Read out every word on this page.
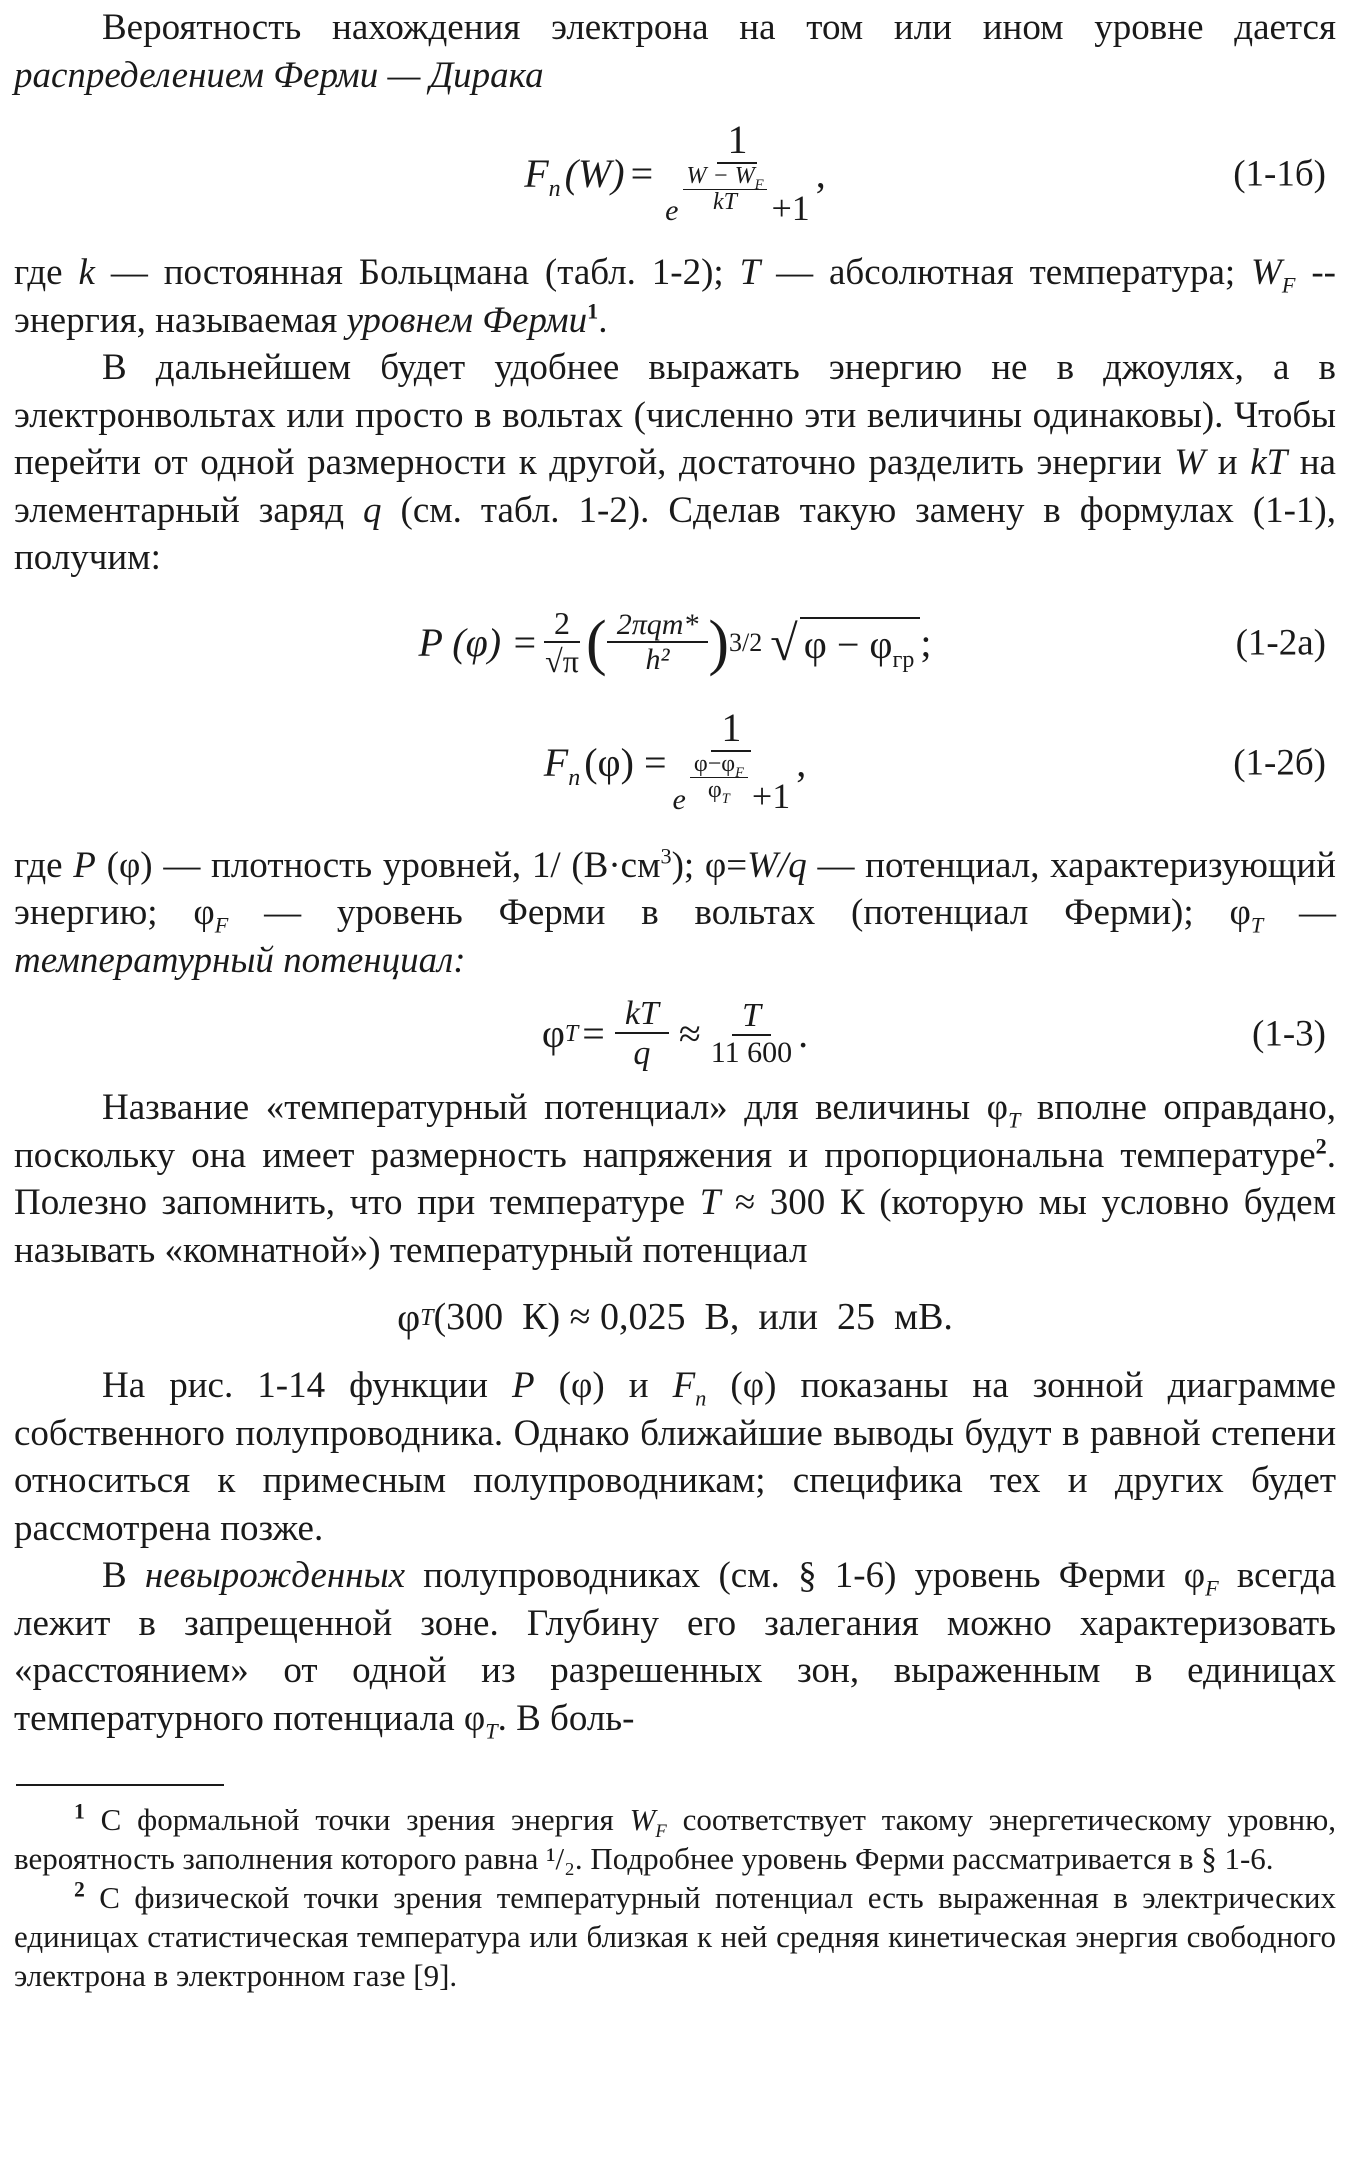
Вероятность нахождения электрона на том или ином уровне дается распределением Ферми — Дирака

$F_n$ (W) =
1
e $\frac{W - W_F}{kT} +1$
,	(1-1б)

где k — постоянная Больцмана (табл. 1-2); T — абсолютная температура; $W_F$ -- энергия, называемая уровнем Ферми$^1$.

В дальнейшем будет удобнее выражать энергию не в джоулях, а в электронвольтах или просто в вольтах (численно эти величины одинаковы). Чтобы перейти от одной размерности к другой, достаточно разделить энергии W и kT на элементарный заряд q (см. табл. 1-2). Сделав такую замену в формулах (1-1), получим:

P $(\varphi) = \frac{2}{√\pi}$ ( $\frac{\text{2πqm*}}{\text{h²}}$ ) 3/2 √ $\varphi - \varphi_{гр}$ ;	(1-2а)
$F_n$ (φ) =
1
e $\frac{\varphi-\varphi_F}{\varphi_T} +1$
,	(1-2б)

где P (φ) — плотность уровней, 1/ $(В\cdot см^3)$; φ=W/q — потенциал, характеризующий энергию; $\varphi_F$ — уровень Ферми в вольтах (потенциал Ферми); $\varphi_T$ — температурный потенциал:

φ $T = \frac{kT}{q} \approx \frac{T}{11 600}$ .	(1-3)

Название «температурный потенциал» для величины $\varphi_T$ вполне оправдано, поскольку она имеет размерность напряжения и пропорциональна температуре$^2$. Полезно запомнить, что при температуре T ≈ 300 К (которую мы условно будем называть «комнатной») температурный потенциал

φ T (300  К) ≈ 0,025  В,  или  25  мВ.

На рис. 1-14 функции P (φ) и $F_n$ (φ) показаны на зонной диаграмме собственного полупроводника. Однако ближайшие выводы будут в равной степени относиться к примесным полупроводникам; специфика тех и других будет рассмотрена позже.

В невырожденных полупроводниках (см. § 1-6) уровень Ферми $\varphi_F$ всегда лежит в запрещенной зоне. Глубину его залегания можно характеризовать «расстоянием» от одной из разрешенных зон, выраженным в единицах температурного потенциала $\varphi_T$. В боль-

$^1$ С формальной точки зрения энергия $W_F$ соответствует такому энергетическому уровню, вероятность заполнения которого равна ¹/₂. Подробнее уровень Ферми рассматривается в § 1-6.

$^2$ С физической точки зрения температурный потенциал есть выраженная в электрических единицах статистическая температура или близкая к ней средняя кинетическая энергия свободного электрона в электронном газе [9].
